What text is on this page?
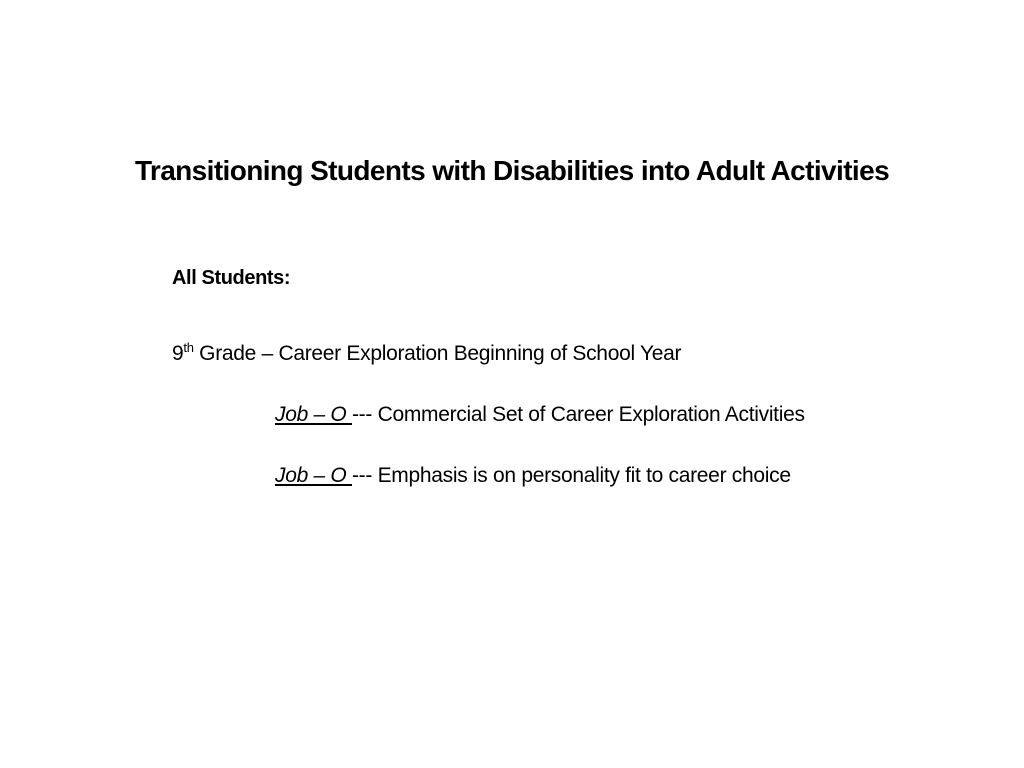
Transitioning Students with Disabilities into Adult Activities
All Students:
9th Grade – Career Exploration Beginning of School Year
Job – O --- Commercial Set of Career Exploration Activities
Job – O --- Emphasis is on personality fit to career choice
